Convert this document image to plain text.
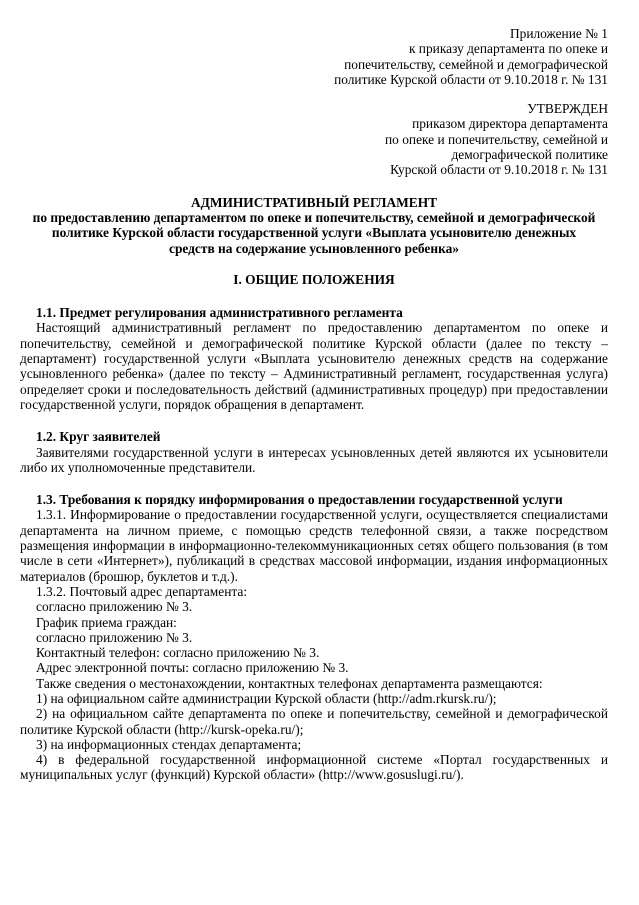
Приложение № 1
к приказу департамента по опеке и
попечительству, семейной и демографической
политике Курской области от 9.10.2018 г. № 131
УТВЕРЖДЕН
приказом директора департамента
по опеке и попечительству, семейной и
демографической политике
Курской области от 9.10.2018 г. № 131
АДМИНИСТРАТИВНЫЙ РЕГЛАМЕНТ
по предоставлению департаментом по опеке и попечительству, семейной и демографической политике Курской области государственной услуги «Выплата усыновителю денежных средств на содержание усыновленного ребенка»
I. ОБЩИЕ ПОЛОЖЕНИЯ
1.1. Предмет регулирования административного регламента

Настоящий административный регламент по предоставлению департаментом по опеке и попечительству, семейной и демографической политике Курской области (далее по тексту – департамент) государственной услуги «Выплата усыновителю денежных средств на содержание усыновленного ребенка» (далее по тексту – Административный регламент, государственная услуга) определяет сроки и последовательность действий (административных процедур) при предоставлении государственной услуги, порядок обращения в департамент.

1.2. Круг заявителей

Заявителями государственной услуги в интересах усыновленных детей являются их усыновители либо их уполномоченные представители.

1.3. Требования к порядку информирования о предоставлении государственной услуги

1.3.1. Информирование о предоставлении государственной услуги, осуществляется специалистами департамента на личном приеме, с помощью средств телефонной связи, а также посредством размещения информации в информационно-телекоммуникационных сетях общего пользования (в том числе в сети «Интернет»), публикаций в средствах массовой информации, издания информационных материалов (брошюр, буклетов и т.д.).

1.3.2. Почтовый адрес департамента:
согласно приложению № 3.
График приема граждан:
согласно приложению № 3.
Контактный телефон: согласно приложению № 3.
Адрес электронной почты: согласно приложению № 3.

Также сведения о местонахождении, контактных телефонах департамента размещаются:

1) на официальном сайте администрации Курской области (http://adm.rkursk.ru/);

2) на официальном сайте департамента по опеке и попечительству, семейной и демографической политике Курской области (http://kursk-opeka.ru/);

3) на информационных стендах департамента;

4) в федеральной государственной информационной системе «Портал государственных и муниципальных услуг (функций) Курской области» (http://www.gosuslugi.ru/).
